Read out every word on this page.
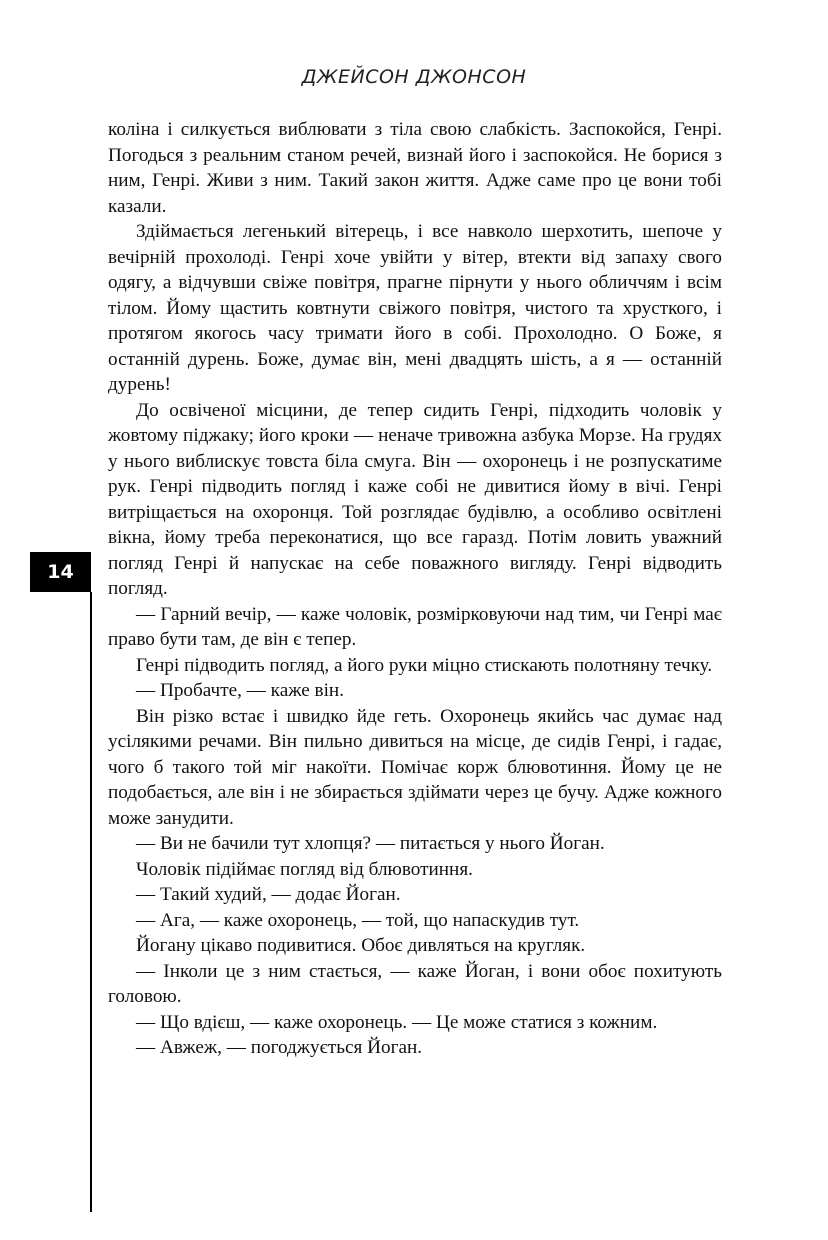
ДЖЕЙСОН ДЖОНСОН
14

коліна і силкується виблювати з тіла свою слабкість. Заспокойся, Генрі. Погодься з реальним станом речей, визнай його і заспокойся. Не борися з ним, Генрі. Живи з ним. Такий закон життя. Адже саме про це вони тобі казали.

Здіймається легенький вітерець, і все навколо шерхотить, шепоче у вечірній прохолоді. Генрі хоче увійти у вітер, втекти від запаху свого одягу, а відчувши свіже повітря, прагне пірнути у нього обличчям і всім тілом. Йому щастить ковтнути свіжого повітря, чистого та хрусткого, і протягом якогось часу тримати його в собі. Прохолодно. О Боже, я останній дурень. Боже, думає він, мені двадцять шість, а я — останній дурень!

До освіченої місцини, де тепер сидить Генрі, підходить чоловік у жовтому піджаку; його кроки — неначе тривожна азбука Морзе. На грудях у нього виблискує товста біла смуга. Він — охоронець і не розпускатиме рук. Генрі підводить погляд і каже собі не дивитися йому в вічі. Генрі витріщається на охоронця. Той розглядає будівлю, а особливо освітлені вікна, йому треба переконатися, що все гаразд. Потім ловить уважний погляд Генрі й напускає на себе поважного вигляду. Генрі відводить погляд.

— Гарний вечір, — каже чоловік, розмірковуючи над тим, чи Генрі має право бути там, де він є тепер.

Генрі підводить погляд, а його руки міцно стискають полотняну течку.

— Пробачте, — каже він.

Він різко встає і швидко йде геть. Охоронець якийсь час думає над усілякими речами. Він пильно дивиться на місце, де сидів Генрі, і гадає, чого б такого той міг накоїти. Помічає корж блювотиння. Йому це не подобається, але він і не збирається здіймати через це бучу. Адже кожного може занудити.

— Ви не бачили тут хлопця? — питається у нього Йоган.

Чоловік підіймає погляд від блювотиння.

— Такий худий, — додає Йоган.

— Ага, — каже охоронець, — той, що напаскудив тут.

Йогану цікаво подивитися. Обоє дивляться на кругляк.

— Інколи це з ним стається, — каже Йоган, і вони обоє похитують головою.

— Що вдієш, — каже охоронець. — Це може статися з кожним.

— Авжеж, — погоджується Йоган.
